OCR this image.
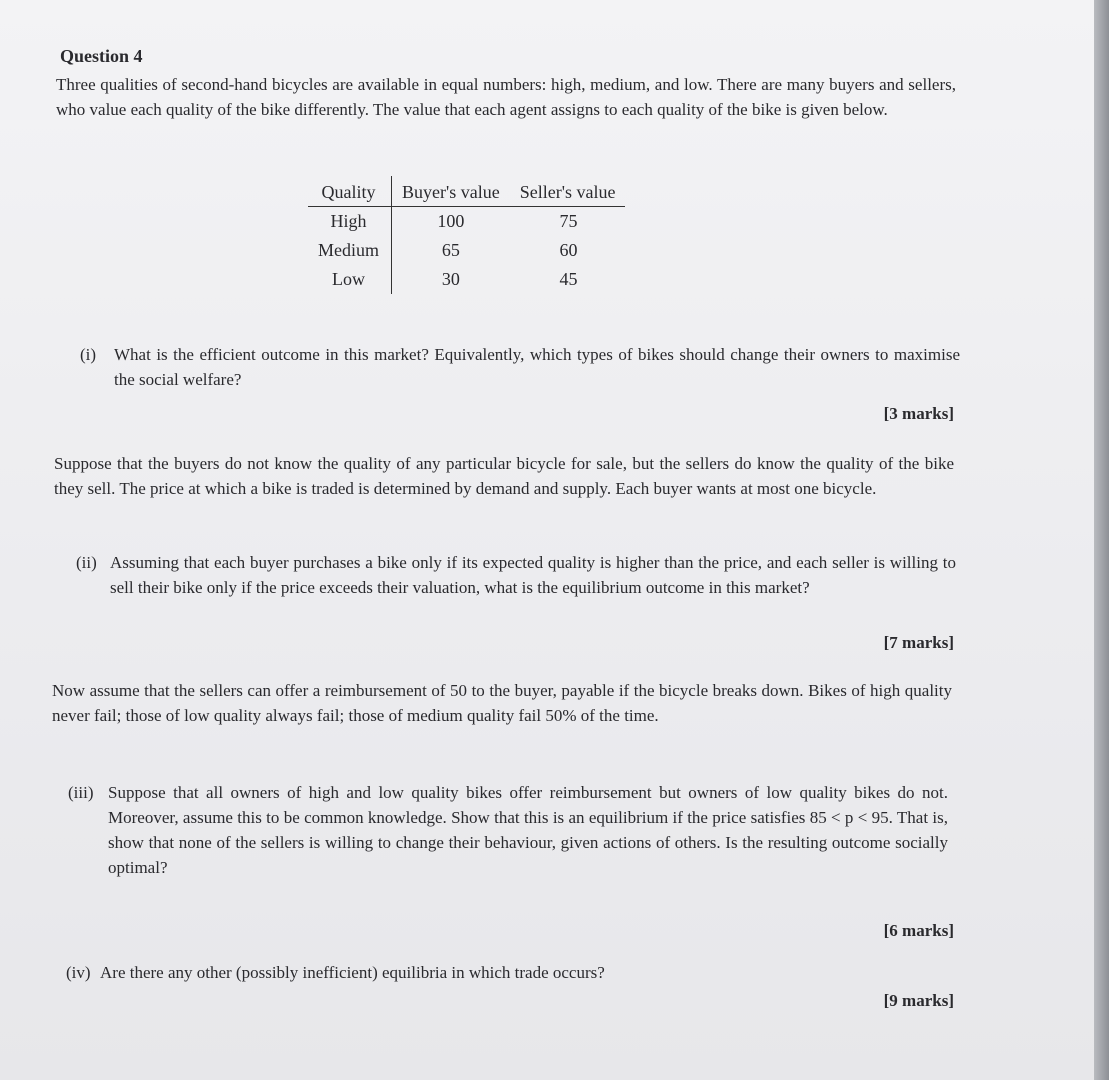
Question 4
Three qualities of second-hand bicycles are available in equal numbers: high, medium, and low. There are many buyers and sellers, who value each quality of the bike differently. The value that each agent assigns to each quality of the bike is given below.
Quality	Buyer's value	Seller's value
High	100	75
Medium	65	60
Low	30	45
(i) What is the efficient outcome in this market? Equivalently, which types of bikes should change their owners to maximise the social welfare?
[3 marks]
Suppose that the buyers do not know the quality of any particular bicycle for sale, but the sellers do know the quality of the bike they sell. The price at which a bike is traded is determined by demand and supply. Each buyer wants at most one bicycle.
(ii) Assuming that each buyer purchases a bike only if its expected quality is higher than the price, and each seller is willing to sell their bike only if the price exceeds their valuation, what is the equilibrium outcome in this market?
[7 marks]
Now assume that the sellers can offer a reimbursement of 50 to the buyer, payable if the bicycle breaks down. Bikes of high quality never fail; those of low quality always fail; those of medium quality fail 50% of the time.
(iii) Suppose that all owners of high and low quality bikes offer reimbursement but owners of low quality bikes do not. Moreover, assume this to be common knowledge. Show that this is an equilibrium if the price satisfies 85 < p < 95. That is, show that none of the sellers is willing to change their behaviour, given actions of others. Is the resulting outcome socially optimal?
[6 marks]
(iv) Are there any other (possibly inefficient) equilibria in which trade occurs?
[9 marks]
